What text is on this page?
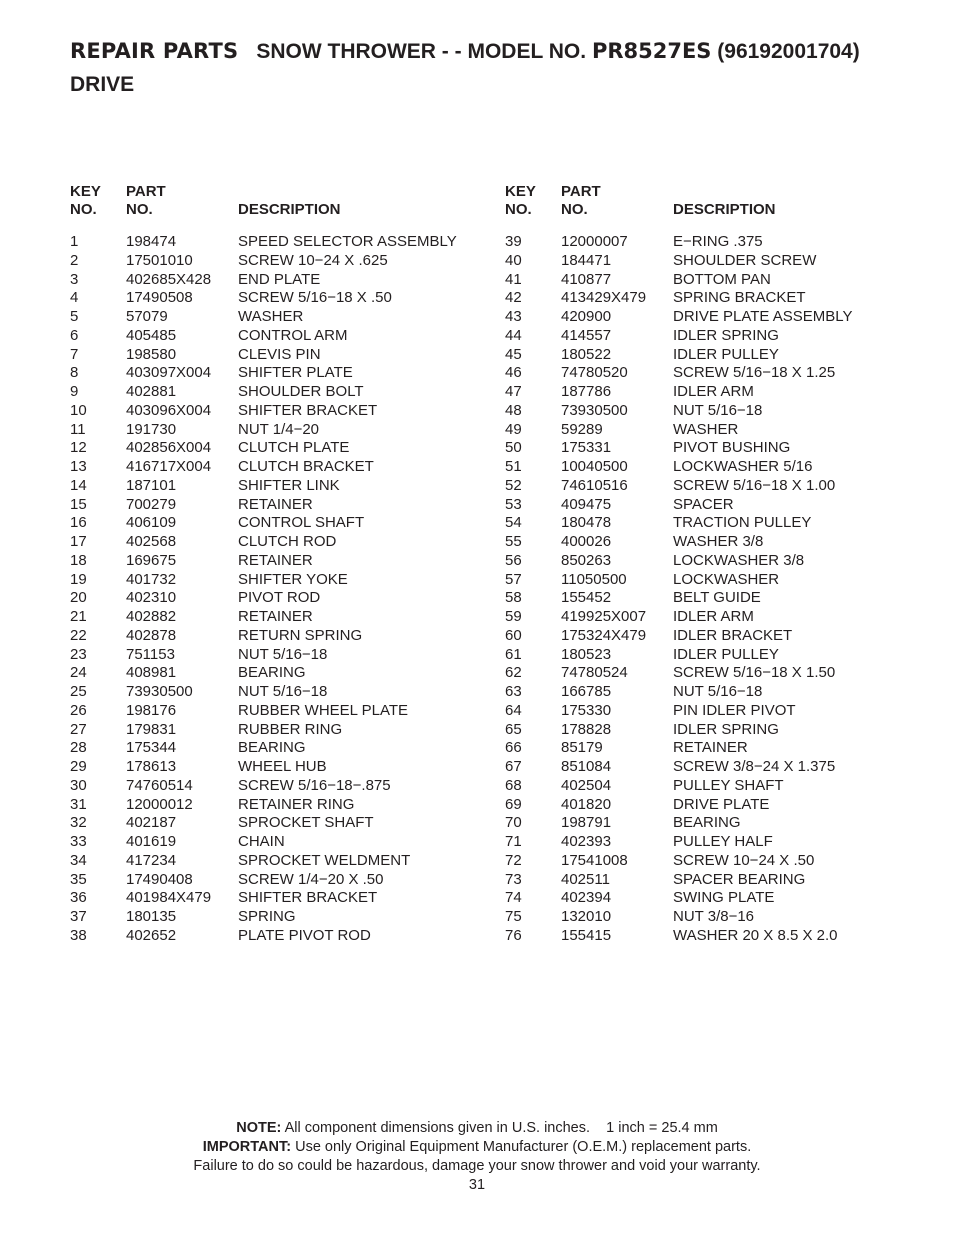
REPAIR PARTS SNOW THROWER - - MODEL NO. PR8527ES (96192001704)
DRIVE
KEY
NO.
PART
NO.	DESCRIPTION
1	198474	SPEED SELECTOR ASSEMBLY
2	17501010	SCREW 10−24 X .625
3	402685X428 END PLATE
4	17490508	SCREW 5/16−18 X .50
5	57079	WASHER
6	405485	CONTROL ARM
7	198580	CLEVIS PIN
8	403097X004 SHIFTER PLATE
9	402881	SHOULDER BOLT
10	403096X004 SHIFTER BRACKET
11	191730	NUT 1/4−20
12	402856X004 CLUTCH PLATE
13	416717X004 CLUTCH BRACKET
14	187101	SHIFTER LINK
15	700279	RETAINER
16	406109	CONTROL SHAFT
17	402568	CLUTCH ROD
18	169675	RETAINER
19	401732	SHIFTER YOKE
20	402310	PIVOT ROD
21	402882	RETAINER
22	402878	RETURN SPRING
23	751153	NUT 5/16−18
24	408981	BEARING
25	73930500	NUT 5/16−18
26	198176	RUBBER WHEEL PLATE
27	179831	RUBBER RING
28	175344	BEARING
29	178613	WHEEL HUB
30	74760514	SCREW 5/16−18−.875
31	12000012	RETAINER RING
32	402187	SPROCKET SHAFT
33	401619	CHAIN
34	417234	SPROCKET WELDMENT
35	17490408	SCREW 1/4−20 X .50
36	401984X479 SHIFTER BRACKET
37	180135	SPRING
38	402652	PLATE PIVOT ROD
KEY
NO.
PART
NO.	DESCRIPTION
39	12000007	E−RING .375
40	184471	SHOULDER SCREW
41	410877	BOTTOM PAN
42	413429X479 SPRING BRACKET
43	420900	DRIVE PLATE ASSEMBLY
44	414557	IDLER SPRING
45	180522	IDLER PULLEY
46	74780520	SCREW 5/16−18 X 1.25
47	187786	IDLER ARM
48	73930500	NUT 5/16−18
49	59289	WASHER
50	175331	PIVOT BUSHING
51	10040500	LOCKWASHER 5/16
52	74610516	SCREW 5/16−18 X 1.00
53	409475	SPACER
54	180478	TRACTION PULLEY
55	400026	WASHER 3/8
56	850263	LOCKWASHER 3/8
57	11050500	LOCKWASHER
58	155452	BELT GUIDE
59	419925X007 IDLER ARM
60	175324X479 IDLER BRACKET
61	180523	IDLER PULLEY
62	74780524	SCREW 5/16−18 X 1.50
63	166785	NUT 5/16−18
64	175330	PIN IDLER PIVOT
65	178828	IDLER SPRING
66	85179	RETAINER
67	851084	SCREW 3/8−24 X 1.375
68	402504	PULLEY SHAFT
69	401820	DRIVE PLATE
70	198791	BEARING
71	402393	PULLEY HALF
72	17541008	SCREW 10−24 X .50
73	402511	SPACER BEARING
74	402394	SWING PLATE
75	132010	NUT 3/8−16
76	155415	WASHER 20 X 8.5 X 2.0
NOTE: All component dimensions given in U.S. inches. 1 inch = 25.4 mm
IMPORTANT: Use only Original Equipment Manufacturer (O.E.M.) replacement parts.
Failure to do so could be hazardous, damage your snow thrower and void your warranty.
31
